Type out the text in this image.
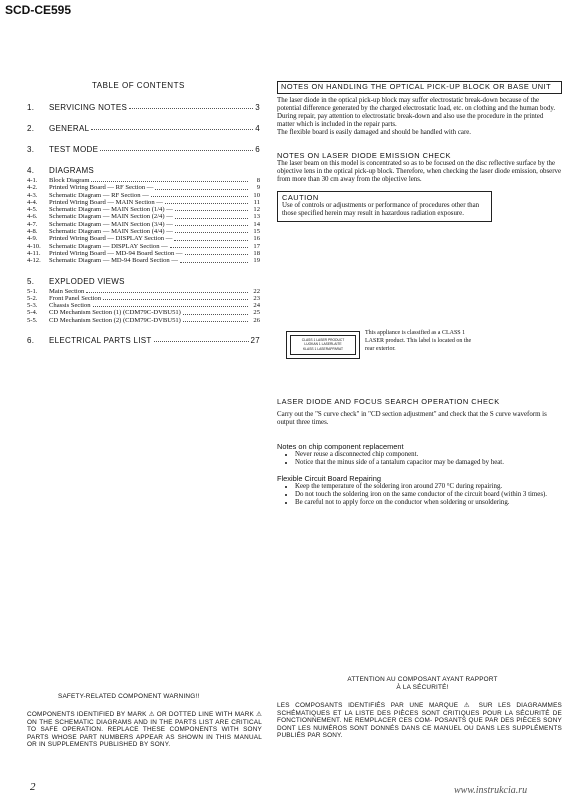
SCD-CE595
TABLE OF CONTENTS
1.	SERVICING NOTES	3
2.	GENERAL	4
3.	TEST MODE	6
4.	DIAGRAMS
4-1.	Block Diagram	8
4-2.	Printed Wiring Board — RF Section —	9
4-3.	Schematic Diagram — RF Section —	10
4-4.	Printed Wiring Board — MAIN Section —	11
4-5.	Schematic Diagram — MAIN Section (1/4) —	12
4-6.	Schematic Diagram — MAIN Section (2/4) —	13
4-7.	Schematic Diagram — MAIN Section (3/4) —	14
4-8.	Schematic Diagram — MAIN Section (4/4) —	15
4-9.	Printed Wiring Board — DISPLAY Section —	16
4-10.	Schematic Diagram — DISPLAY Section —	17
4-11.	Printed Wiring Board — MD-94 Board Section —	18
4-12.	Schematic Diagram — MD-94 Board Section —	19
5.	EXPLODED VIEWS
5-1.	Main Section	22
5-2.	Front Panel Section	23
5-3.	Chassis Section	24
5-4.	CD Mechanism Section (1) (CDM79C-DVBU51)	25
5-5.	CD Mechanism Section (2) (CDM79C-DVBU51)	26
6.	ELECTRICAL PARTS LIST	27
NOTES ON HANDLING THE OPTICAL PICK-UP BLOCK OR BASE UNIT

The laser diode in the optical pick-up block may suffer electrostatic break-down because of the potential difference generated by the charged electrostatic load, etc. on clothing and the human body.

During repair, pay attention to electrostatic break-down and also use the procedure in the printed matter which is included in the repair parts.

The flexible board is easily damaged and should be handled with care.

NOTES ON LASER DIODE EMISSION CHECK

The laser beam on this model is concentrated so as to be focused on the disc reflective surface by the objective lens in the optical pick-up block. Therefore, when checking the laser diode emission, observe from more than 30 cm away from the objective lens.

CAUTION
Use of controls or adjustments or performance of procedures other than those specified herein may result in hazardous radiation exposure.
CLASS 1 LASER PRODUCT
LUOKAN 1 LASERLAITE
KLASS 1 LASERAPPARAT
This appliance is classified as a CLASS 1 LASER product. This label is located on the rear exterior.
LASER DIODE AND FOCUS SEARCH OPERATION CHECK
Carry out the "S curve check" in "CD section adjustment" and check that the S curve waveform is output three times.
Notes on chip component replacement
• Never reuse a disconnected chip component.
• Notice that the minus side of a tantalum capacitor may be damaged by heat.
Flexible Circuit Board Repairing
• Keep the temperature of the soldering iron around 270 °C during repairing.
• Do not touch the soldering iron on the same conductor of the circuit board (within 3 times).
• Be careful not to apply force on the conductor when soldering or unsoldering.
SAFETY-RELATED COMPONENT WARNING!!
COMPONENTS IDENTIFIED BY MARK ⚠ OR DOTTED LINE WITH MARK ⚠ ON THE SCHEMATIC DIAGRAMS AND IN THE PARTS LIST ARE CRITICAL TO SAFE OPERATION. REPLACE THESE COMPONENTS WITH SONY PARTS WHOSE PART NUMBERS APPEAR AS SHOWN IN THIS MANUAL OR IN SUPPLEMENTS PUBLISHED BY SONY.
ATTENTION AU COMPOSANT AYANT RAPPORT
À LA SÉCURITÉ!
LES COMPOSANTS IDENTIFIÉS PAR UNE MARQUE ⚠ SUR LES DIAGRAMMES SCHÉMATIQUES ET LA LISTE DES PIÈCES SONT CRITIQUES POUR LA SÉCURITÉ DE FONCTIONNEMENT. NE REMPLACER CES COM- POSANTS QUE PAR DES PIÈCES SONY DONT LES NUMÉROS SONT DONNÉS DANS CE MANUEL OU DANS LES SUPPLÉMENTS PUBLIÉS PAR SONY.
2	www.instrukcia.ru
